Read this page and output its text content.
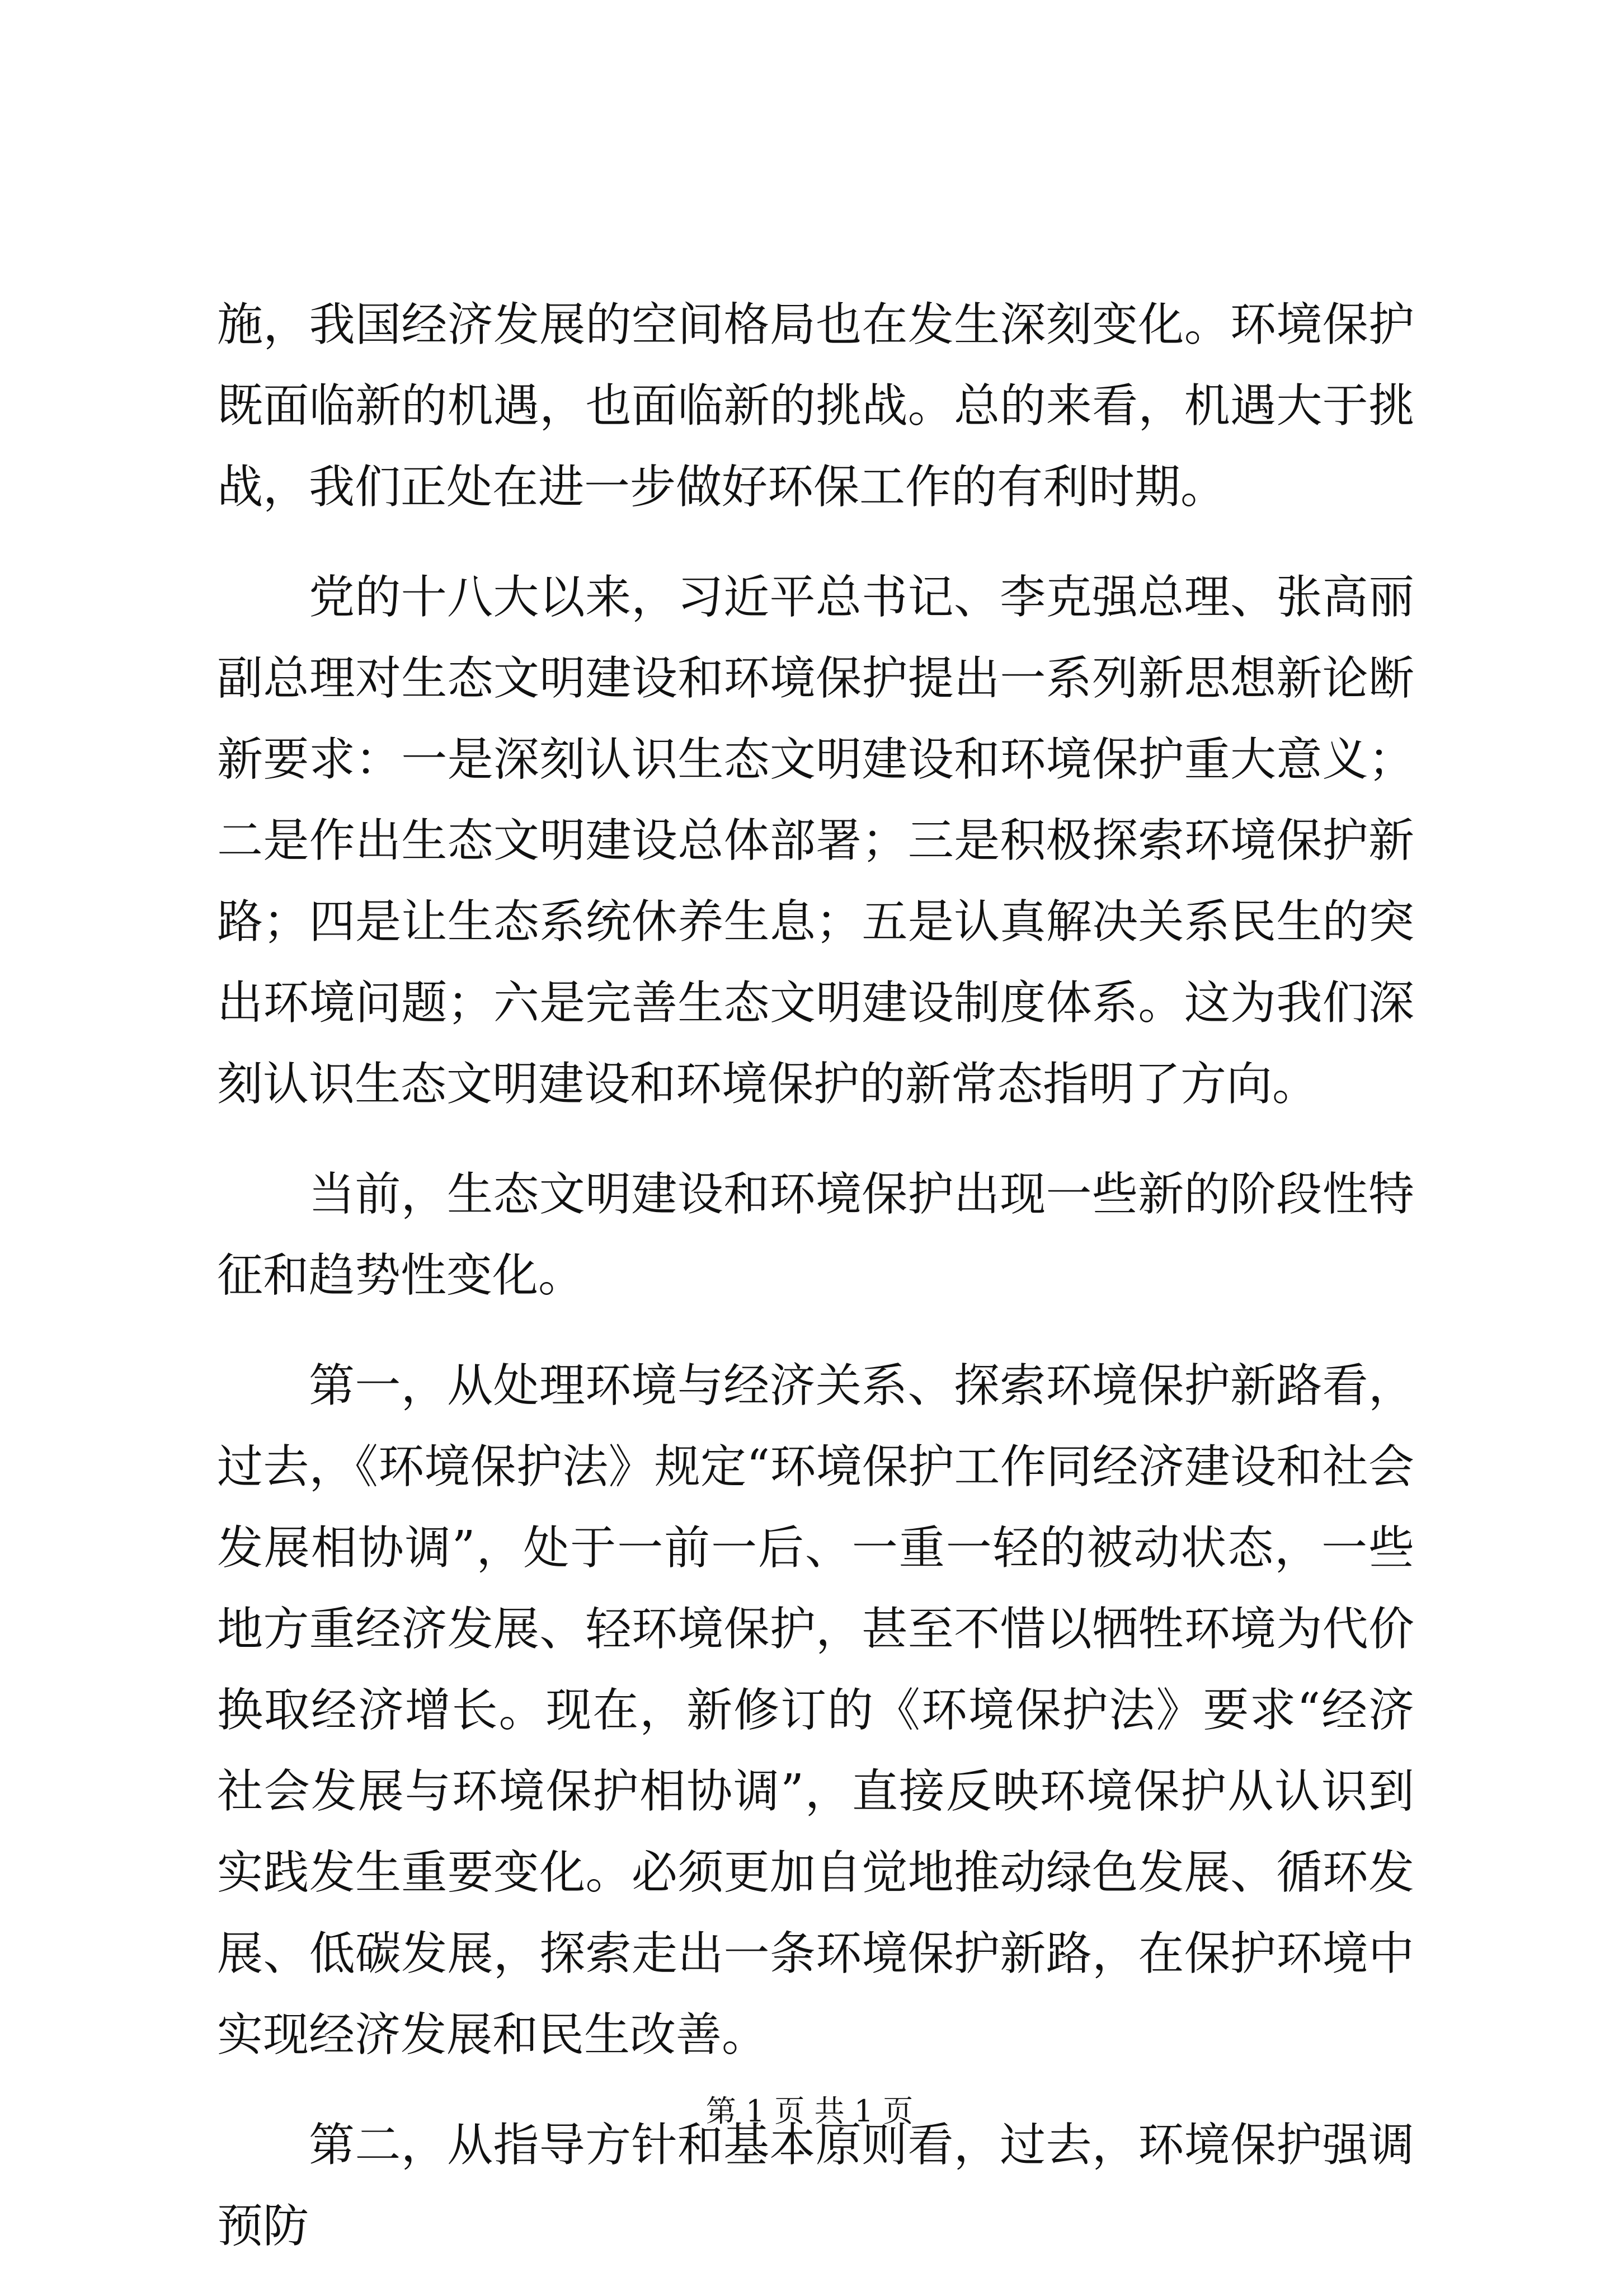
施，我国经济发展的空间格局也在发生深刻变化。环境保护既面临新的机遇，也面临新的挑战。总的来看，机遇大于挑战，我们正处在进一步做好环保工作的有利时期。

党的十八大以来，习近平总书记、李克强总理、张高丽副总理对生态文明建设和环境保护提出一系列新思想新论断新要求：一是深刻认识生态文明建设和环境保护重大意义；二是作出生态文明建设总体部署；三是积极探索环境保护新路；四是让生态系统休养生息；五是认真解决关系民生的突出环境问题；六是完善生态文明建设制度体系。这为我们深刻认识生态文明建设和环境保护的新常态指明了方向。

当前，生态文明建设和环境保护出现一些新的阶段性特征和趋势性变化。

第一，从处理环境与经济关系、探索环境保护新路看，过去，《环境保护法》规定“环境保护工作同经济建设和社会发展相协调”，处于一前一后、一重一轻的被动状态，一些地方重经济发展、轻环境保护，甚至不惜以牺牲环境为代价换取经济增长。现在，新修订的《环境保护法》要求“经济社会发展与环境保护相协调”，直接反映环境保护从认识到实践发生重要变化。必须更加自觉地推动绿色发展、循环发展、低碳发展，探索走出一条环境保护新路，在保护环境中实现经济发展和民生改善。

第二，从指导方针和基本原则看，过去，环境保护强调预防

第 1 页 共 1 页
